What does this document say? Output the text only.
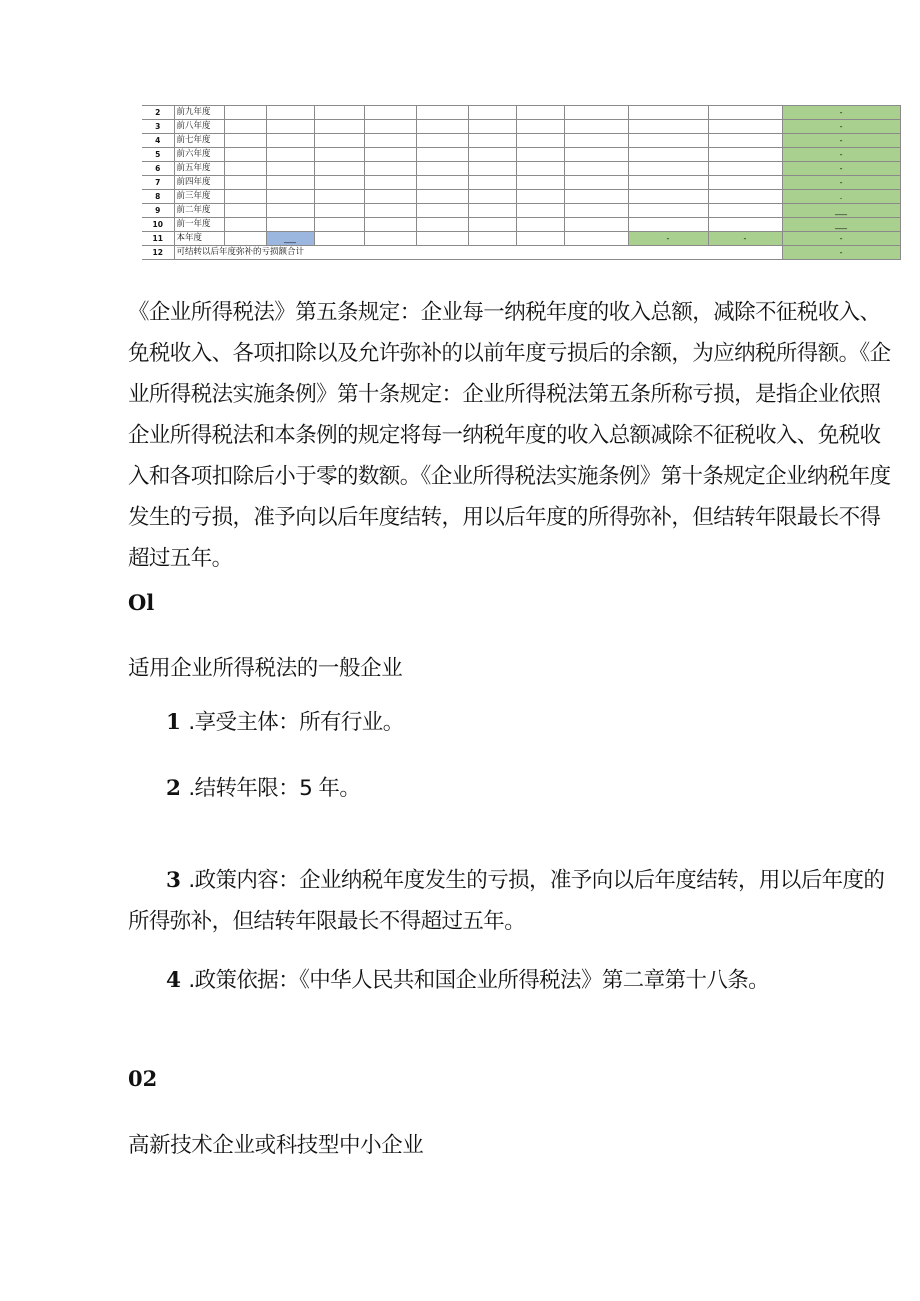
2	前九年度											-
3	前八年度											-
4	前七年度											-
5	前六年度											-
6	前五年度											-
7	前四年度											-
8	前三年度											.
9	前二年度											___
10	前一年度											___
11	本年度		___							-	-	-
12	可结转以后年度弥补的亏损额合计											-

《企业所得税法》第五条规定：企业每一纳税年度的收入总额，减除不征税收入、免税收入、各项扣除以及允许弥补的以前年度亏损后的余额，为应纳税所得额。《企业所得税法实施条例》第十条规定：企业所得税法第五条所称亏损，是指企业依照企业所得税法和本条例的规定将每一纳税年度的收入总额减除不征税收入、免税收入和各项扣除后小于零的数额。《企业所得税法实施条例》第十条规定企业纳税年度发生的亏损，准予向以后年度结转，用以后年度的所得弥补，但结转年限最长不得超过五年。

Ol

适用企业所得税法的一般企业

1 .享受主体：所有行业。

2 .结转年限：5 年。

3 .政策内容：企业纳税年度发生的亏损，准予向以后年度结转，用以后年度的所得弥补，但结转年限最长不得超过五年。

4 .政策依据：《中华人民共和国企业所得税法》第二章第十八条。

02

高新技术企业或科技型中小企业
